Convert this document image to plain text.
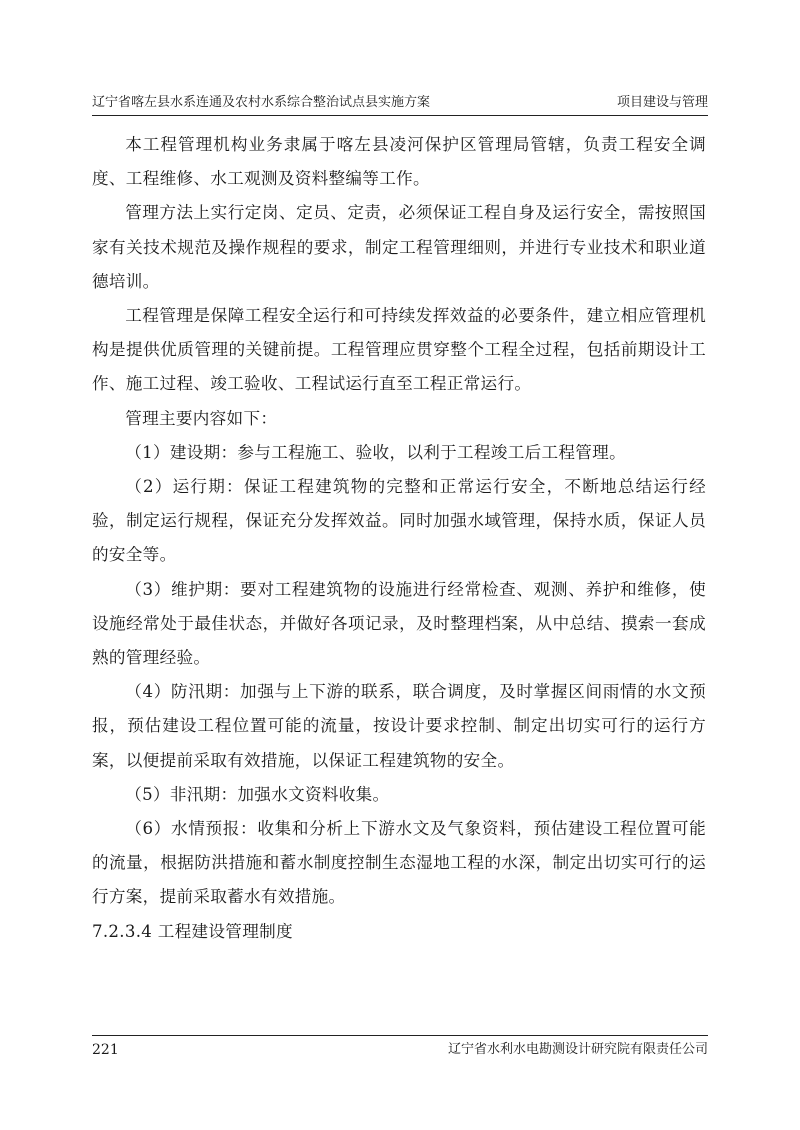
辽宁省喀左县水系连通及农村水系综合整治试点县实施方案	项目建设与管理

本工程管理机构业务隶属于喀左县凌河保护区管理局管辖，负责工程安全调度、工程维修、水工观测及资料整编等工作。

管理方法上实行定岗、定员、定责，必须保证工程自身及运行安全，需按照国家有关技术规范及操作规程的要求，制定工程管理细则，并进行专业技术和职业道德培训。

工程管理是保障工程安全运行和可持续发挥效益的必要条件，建立相应管理机构是提供优质管理的关键前提。工程管理应贯穿整个工程全过程，包括前期设计工作、施工过程、竣工验收、工程试运行直至工程正常运行。

管理主要内容如下：

（1）建设期：参与工程施工、验收，以利于工程竣工后工程管理。

（2）运行期：保证工程建筑物的完整和正常运行安全，不断地总结运行经验，制定运行规程，保证充分发挥效益。同时加强水域管理，保持水质，保证人员的安全等。

（3）维护期：要对工程建筑物的设施进行经常检查、观测、养护和维修，使设施经常处于最佳状态，并做好各项记录，及时整理档案，从中总结、摸索一套成熟的管理经验。

（4）防汛期：加强与上下游的联系，联合调度，及时掌握区间雨情的水文预报，预估建设工程位置可能的流量，按设计要求控制、制定出切实可行的运行方案，以便提前采取有效措施，以保证工程建筑物的安全。

（5）非汛期：加强水文资料收集。

（6）水情预报：收集和分析上下游水文及气象资料，预估建设工程位置可能的流量，根据防洪措施和蓄水制度控制生态湿地工程的水深，制定出切实可行的运行方案，提前采取蓄水有效措施。

7.2.3.4 工程建设管理制度
221	辽宁省水利水电勘测设计研究院有限责任公司
